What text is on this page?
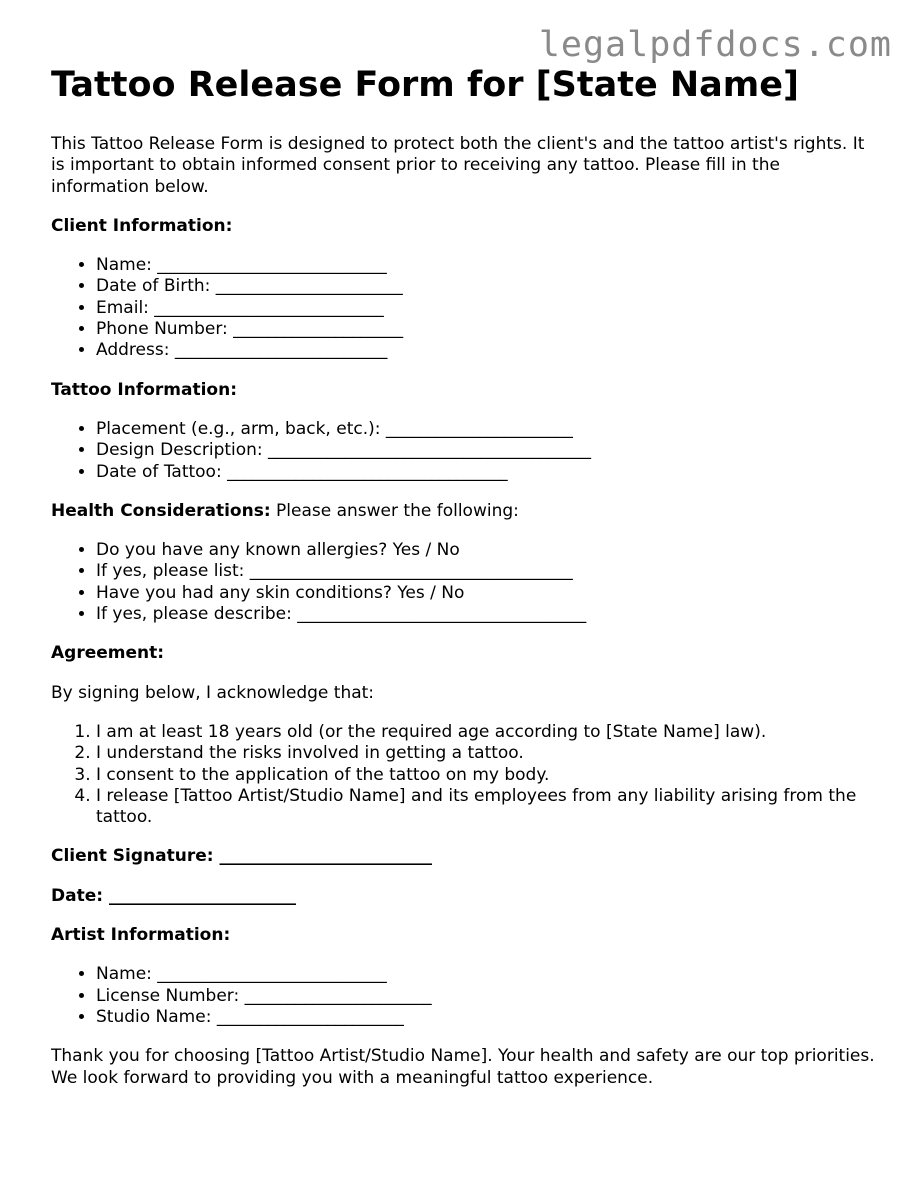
legalpdfdocs.com
Tattoo Release Form for [State Name]

This Tattoo Release Form is designed to protect both the client's and the tattoo artist's rights. It is important to obtain informed consent prior to receiving any tattoo. Please fill in the information below.

Client Information:

• Name: ___________________________
• Date of Birth: ______________________
• Email: ___________________________
• Phone Number: ____________________
• Address: _________________________

Tattoo Information:

• Placement (e.g., arm, back, etc.): ______________________
• Design Description: ______________________________________
• Date of Tattoo: _________________________________

Health Considerations: Please answer the following:

• Do you have any known allergies? Yes / No
• If yes, please list: ______________________________________
• Have you had any skin conditions? Yes / No
• If yes, please describe: __________________________________

Agreement:

By signing below, I acknowledge that:

1. I am at least 18 years old (or the required age according to [State Name] law).
2. I understand the risks involved in getting a tattoo.
3. I consent to the application of the tattoo on my body.
4. I release [Tattoo Artist/Studio Name] and its employees from any liability arising from the tattoo.

Client Signature: _________________________

Date: ______________________

Artist Information:

• Name: ___________________________
• License Number: ______________________
• Studio Name: ______________________

Thank you for choosing [Tattoo Artist/Studio Name]. Your health and safety are our top priorities. We look forward to providing you with a meaningful tattoo experience.
